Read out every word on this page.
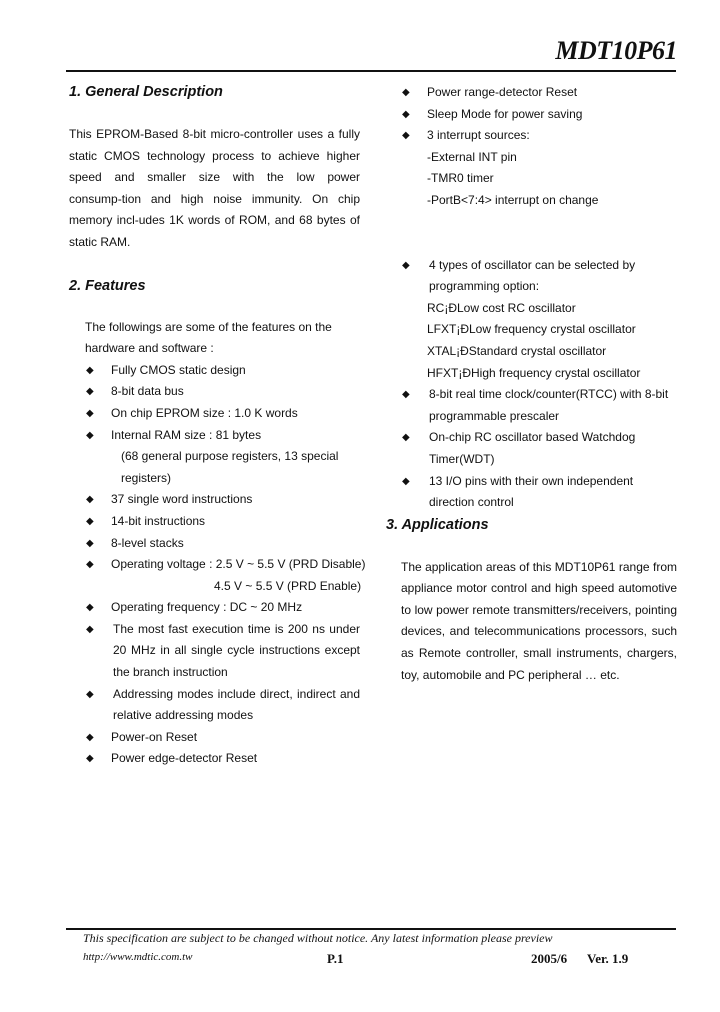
MDT10P61
1. General Description
This EPROM-Based 8-bit micro-controller uses a fully
static CMOS technology process to achieve higher
speed and smaller size with the low power
consump-tion and high noise immunity. On chip
memory incl-udes 1K words of ROM, and 68 bytes of
static RAM.
2. Features
The followings are some of the features on the
hardware and software :
◆ Fully CMOS static design
◆ 8-bit data bus
◆ On chip EPROM size : 1.0 K words
◆ Internal RAM size : 81 bytes
(68 general purpose registers, 13 special
registers)
◆ 37 single word instructions
◆ 14-bit instructions
◆ 8-level stacks
◆ Operating voltage : 2.5 V ~ 5.5 V (PRD Disable)
4.5 V ~ 5.5 V (PRD Enable)
◆ Operating frequency : DC ~ 20 MHz
◆ The most fast execution time is 200 ns under
20 MHz in all single cycle instructions except
the branch instruction
◆ Addressing modes include direct, indirect and
relative addressing modes
◆ Power-on Reset
◆ Power edge-detector Reset
◆ Power range-detector Reset
◆ Sleep Mode for power saving
◆ 3 interrupt sources:
-External INT pin
-TMR0 timer
-PortB<7:4> interrupt on change
◆ 4 types of oscillator can be selected by
programming option:
RC¡ĐLow cost RC oscillator
LFXT¡ĐLow frequency crystal oscillator
XTAL¡ĐStandard crystal oscillator
HFXT¡ĐHigh frequency crystal oscillator
◆ 8-bit real time clock/counter(RTCC) with 8-bit
programmable prescaler
◆ On-chip RC oscillator based Watchdog
Timer(WDT)
◆ 13 I/O pins with their own independent
direction control
3. Applications
The application areas of this MDT10P61 range from
appliance motor control and high speed automotive
to low power remote transmitters/receivers, pointing
devices, and telecommunications processors, such
as Remote controller, small instruments, chargers,
toy, automobile and PC peripheral … etc.
This specification are subject to be changed without notice. Any latest information please preview
http://www.mdtic.com.tw	P.1	2005/6 Ver. 1.9
